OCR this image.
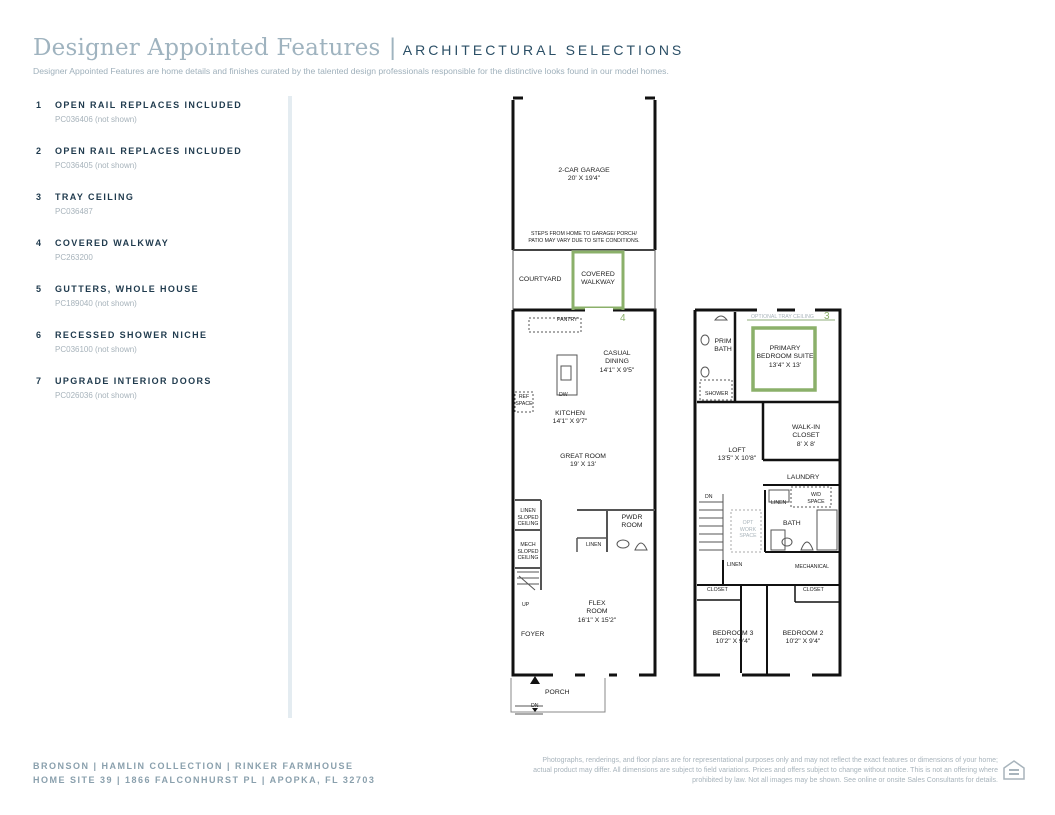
Designer Appointed Features | ARCHITECTURAL SELECTIONS
Designer Appointed Features are home details and finishes curated by the talented design professionals responsible for the distinctive looks found in our model homes.
1 OPEN RAIL REPLACES INCLUDED
PC036406 (not shown)
2 OPEN RAIL REPLACES INCLUDED
PC036405 (not shown)
3 TRAY CEILING
PC036487
4 COVERED WALKWAY
PC263200
5 GUTTERS, WHOLE HOUSE
PC189040 (not shown)
6 RECESSED SHOWER NICHE
PC036100 (not shown)
7 UPGRADE INTERIOR DOORS
PC026036 (not shown)
2-CAR GARAGE
20' X 19'4"
STEPS FROM HOME TO GARAGE/ PORCH/
PATIO MAY VARY DUE TO SITE CONDITIONS.
COURTYARD
COVERED
WALKWAY
4
PANTRY
CASUAL
DINING
14'1" X 9'5"
DW
REF
SPACE
KITCHEN
14'1" X 9'7"
GREAT ROOM
19' X 13'
LINEN
SLOPED
CEILING
PWDR
ROOM
LINEN
MECH
SLOPED
CEILING
UP	FLEX
ROOM
16'1" X 15'2"
FOYER
PORCH
DN
OPTIONAL TRAY CEILING 3
PRIM
BATH	PRIMARY
BEDROOM SUITE
13'4" X 13'
SHOWER
WALK-IN
CLOSET
8' X 8'
LOFT
13'5" X 10'8"
LAUNDRY
LINEN
W/D
SPACE
DN
OPT
WORK
SPACE
BATH
LINEN	MECHANICAL
CLOSET	CLOSET
BEDROOM 3
10'2" X 9'4"
BEDROOM 2
10'2" X 9'4"
BRONSON | HAMLIN COLLECTION | RINKER FARMHOUSE
HOME SITE 39 | 1866 FALCONHURST PL | APOPKA, FL 32703
Photographs, renderings, and floor plans are for representational purposes only and may not reflect the exact features or dimensions of your home; actual product may differ. All dimensions are subject to field variations. Prices and offers subject to change without notice. This is not an offering where prohibited by law. Not all images may be shown. See online or onsite Sales Consultants for details.
